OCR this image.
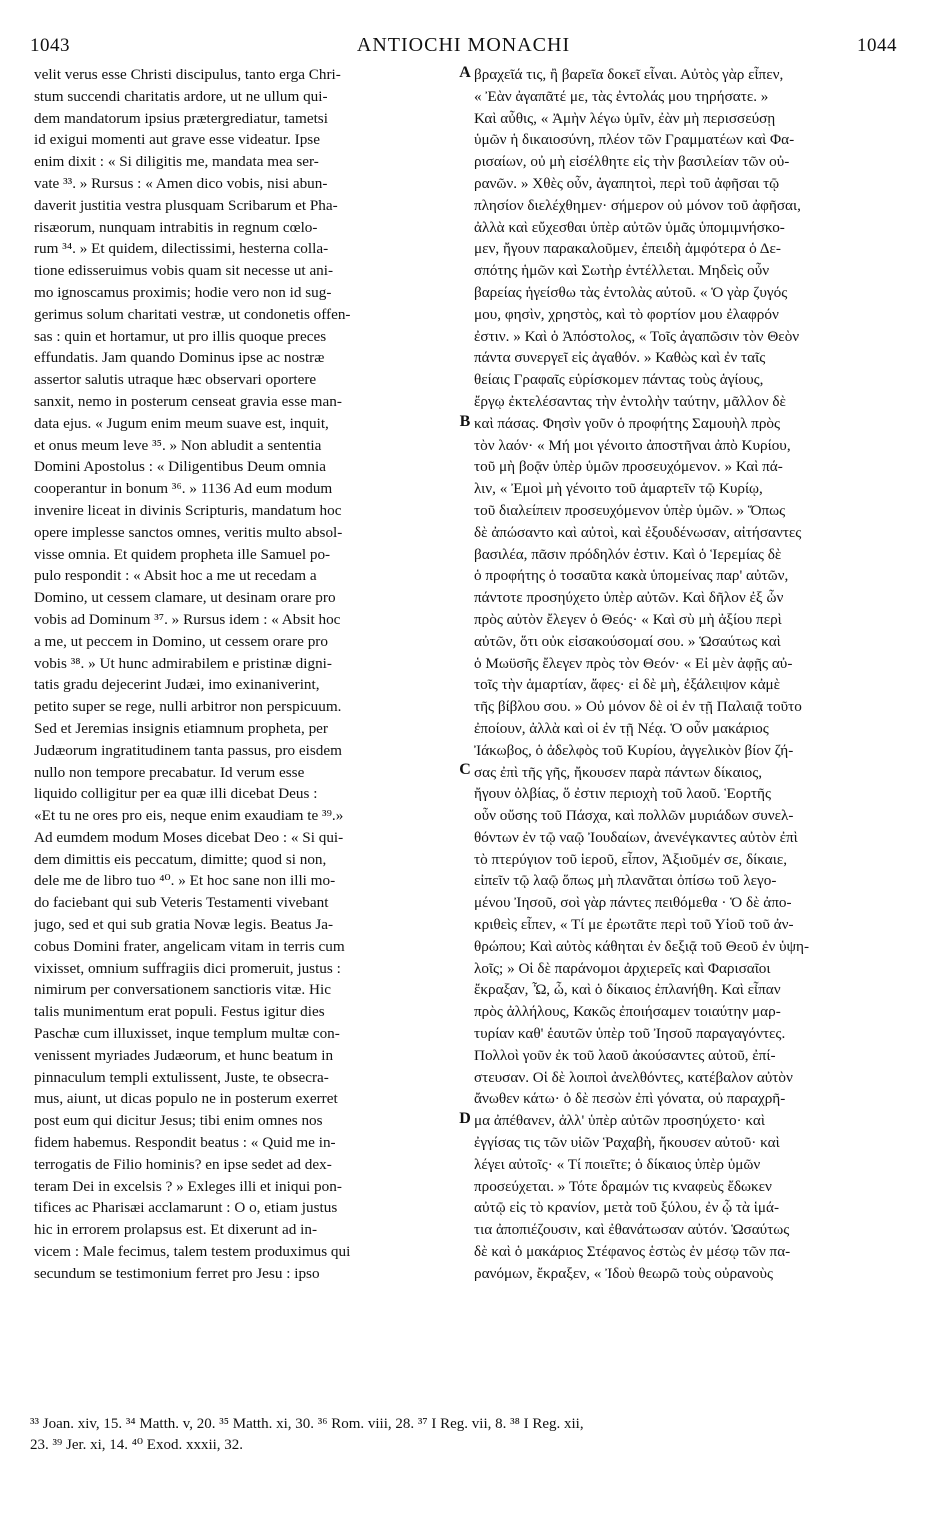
1043	ANTIOCHI MONACHI	1044
velit verus esse Christi discipulus, tanto erga Chri-
stum succendi charitatis ardore, ut ne ullum qui-
dem mandatorum ipsius prætergrediatur, tametsi
id exigui momenti aut grave esse videatur. Ipse
enim dixit : « Si diligitis me, mandata mea ser-
vate ³³. » Rursus : « Amen dico vobis, nisi abun-
daverit justitia vestra plusquam Scribarum et Pha-
risæorum, nunquam intrabitis in regnum cœlo-
rum ³⁴. » Et quidem, dilectissimi, hesterna colla-
tione edisseruimus vobis quam sit necesse ut ani-
mo ignoscamus proximis; hodie vero non id sug-
gerimus solum charitati vestræ, ut condonetis offen-
sas : quin et hortamur, ut pro illis quoque preces
effundatis. Jam quando Dominus ipse ac nostræ
assertor salutis utraque hæc observari oportere
sanxit, nemo in posterum censeat gravia esse man-
data ejus. « Jugum enim meum suave est, inquit,
et onus meum leve ³⁵. » Non abludit a sententia
Domini Apostolus : « Diligentibus Deum omnia
cooperantur in bonum ³⁶. » 1136 Ad eum modum
invenire liceat in divinis Scripturis, mandatum hoc
opere implesse sanctos omnes, veritis multo absol-
visse omnia. Et quidem propheta ille Samuel po-
pulo respondit : « Absit hoc a me ut recedam a
Domino, ut cessem clamare, ut desinam orare pro
vobis ad Dominum ³⁷. » Rursus idem : « Absit hoc
a me, ut peccem in Domino, ut cessem orare pro
vobis ³⁸. » Ut hunc admirabilem e pristinæ digni-
tatis gradu dejecerint Judæi, imo exinaniverint,
petito super se rege, nulli arbitror non perspicuum.
Sed et Jeremias insignis etiamnum propheta, per
Judæorum ingratitudinem tanta passus, pro eisdem
nullo non tempore precabatur. Id verum esse
liquido colligitur per ea quæ illi dicebat Deus :
«Et tu ne ores pro eis, neque enim exaudiam te ³⁹.»
Ad eumdem modum Moses dicebat Deo : « Si qui-
dem dimittis eis peccatum, dimitte; quod si non,
dele me de libro tuo ⁴⁰. » Et hoc sane non illi mo-
do faciebant qui sub Veteris Testamenti vivebant
jugo, sed et qui sub gratia Novæ legis. Beatus Ja-
cobus Domini frater, angelicam vitam in terris cum
vixisset, omnium suffragiis dici promeruit, justus :
nimirum per conversationem sanctioris vitæ. Hic
talis munimentum erat populi. Festus igitur dies
Paschæ cum illuxisset, inque templum multæ con-
venissent myriades Judæorum, et hunc beatum in
pinnaculum templi extulissent, Juste, te obsecra-
mus, aiunt, ut dicas populo ne in posterum exerret
post eum qui dicitur Jesus; tibi enim omnes nos
fidem habemus. Respondit beatus : « Quid me in-
terrogatis de Filio hominis? en ipse sedet ad dex-
teram Dei in excelsis ? » Exleges illi et iniqui pon-
tifices ac Pharisæi acclamarunt : O o, etiam justus
hic in errorem prolapsus est. Et dixerunt ad in-
vicem : Male fecimus, talem testem produximus qui
secundum se testimonium ferret pro Jesu : ipso
βραχεῖά τις, ἢ βαρεῖα δοκεῖ εἶναι. Αὐτὸς γὰρ εἶπεν,
« Ἐὰν ἀγαπᾶτέ με, τὰς ἐντολάς μου τηρήσατε. »
Καὶ αὖθις, « Ἀμὴν λέγω ὑμῖν, ἐὰν μὴ περισσεύσῃ
ὑμῶν ἡ δικαιοσύνη, πλέον τῶν Γραμματέων καὶ Φα-
ρισαίων, οὐ μὴ εἰσέλθητε εἰς τὴν βασιλείαν τῶν οὐ-
ρανῶν. » Χθὲς οὖν, ἀγαπητοὶ, περὶ τοῦ ἀφῆσαι τῷ
πλησίον διελέχθημεν· σήμερον οὐ μόνον τοῦ ἀφῆσαι,
ἀλλὰ καὶ εὔχεσθαι ὑπὲρ αὐτῶν ὑμᾶς ὑπομιμνήσκο-
μεν, ἤγουν παρακαλοῦμεν, ἐπειδὴ ἀμφότερα ὁ Δε-
σπότης ἡμῶν καὶ Σωτὴρ ἐντέλλεται. Μηδεὶς οὖν
βαρείας ἡγείσθω τὰς ἐντολὰς αὐτοῦ. « Ὁ γὰρ ζυγός
μου, φησὶν, χρηστὸς, καὶ τὸ φορτίον μου ἐλαφρόν
ἐστιν. » Καὶ ὁ Ἀπόστολος, « Τοῖς ἀγαπῶσιν τὸν Θεὸν
πάντα συνεργεῖ εἰς ἀγαθόν. » Καθὼς καὶ ἐν ταῖς
θείαις Γραφαῖς εὑρίσκομεν πάντας τοὺς ἁγίους,
ἔργῳ ἐκτελέσαντας τὴν ἐντολὴν ταύτην, μᾶλλον δὲ
καὶ πάσας. Φησὶν γοῦν ὁ προφήτης Σαμουὴλ πρὸς
τὸν λαόν· « Μή μοι γένοιτο ἀποστῆναι ἀπὸ Κυρίου,
τοῦ μὴ βοᾷν ὑπὲρ ὑμῶν προσευχόμενον. » Καὶ πά-
λιν, « Ἐμοὶ μὴ γένοιτο τοῦ ἁμαρτεῖν τῷ Κυρίῳ,
τοῦ διαλείπειν προσευχόμενον ὑπὲρ ὑμῶν. » Ὅπως
δὲ ἀπώσαντο καὶ αὐτοὶ, καὶ ἐξουδένωσαν, αἰτήσαντες
βασιλέα, πᾶσιν πρόδηλόν ἐστιν. Καὶ ὁ Ἱερεμίας δὲ
ὁ προφήτης ὁ τοσαῦτα κακὰ ὑπομείνας παρ' αὐτῶν,
πάντοτε προσηύχετο ὑπὲρ αὐτῶν. Καὶ δῆλον ἐξ ὧν
πρὸς αὐτὸν ἔλεγεν ὁ Θεός· « Καὶ σὺ μὴ ἀξίου περὶ
αὐτῶν, ὅτι οὐκ εἰσακούσομαί σου. » Ὡσαύτως καὶ
ὁ Μωϋσῆς ἔλεγεν πρὸς τὸν Θεόν· « Εἰ μὲν ἀφῇς αὐ-
τοῖς τὴν ἁμαρτίαν, ἄφες· εἰ δὲ μὴ, ἐξάλειψον κἀμὲ
τῆς βίβλου σου. » Οὐ μόνον δὲ οἱ ἐν τῇ Παλαιᾷ τοῦτο
ἐποίουν, ἀλλὰ καὶ οἱ ἐν τῇ Νέᾳ. Ὁ οὖν μακάριος
Ἰάκωβος, ὁ ἀδελφὸς τοῦ Κυρίου, ἀγγελικὸν βίον ζή-
σας ἐπὶ τῆς γῆς, ἤκουσεν παρὰ πάντων δίκαιος,
ἤγουν ὀλβίας, ὅ ἐστιν περιοχὴ τοῦ λαοῦ. Ἑορτῆς
οὖν οὔσης τοῦ Πάσχα, καὶ πολλῶν μυριάδων συνελ-
θόντων ἐν τῷ ναῷ Ἰουδαίων, ἀνενέγκαντες αὐτὸν ἐπὶ
τὸ πτερύγιον τοῦ ἱεροῦ, εἶπον, Ἀξιοῦμέν σε, δίκαιε,
εἰπεῖν τῷ λαῷ ὅπως μὴ πλανᾶται ὀπίσω τοῦ λεγο-
μένου Ἰησοῦ, σοὶ γὰρ πάντες πειθόμεθα · Ὁ δὲ ἀπο-
κριθεὶς εἶπεν, « Τί με ἐρωτᾶτε περὶ τοῦ Υἱοῦ τοῦ ἀν-
θρώπου; Καὶ αὐτὸς κάθηται ἐν δεξιᾷ τοῦ Θεοῦ ἐν ὑψη-
λοῖς; » Οἱ δὲ παράνομοι ἀρχιερεῖς καὶ Φαρισαῖοι
ἔκραξαν, Ὦ, ὦ, καὶ ὁ δίκαιος ἐπλανήθη. Καὶ εἶπαν
πρὸς ἀλλήλους, Κακῶς ἐποιήσαμεν τοιαύτην μαρ-
τυρίαν καθ' ἑαυτῶν ὑπὲρ τοῦ Ἰησοῦ παραγαγόντες.
Πολλοὶ γοῦν ἐκ τοῦ λαοῦ ἀκούσαντες αὐτοῦ, ἐπί-
στευσαν. Οἱ δὲ λοιποὶ ἀνελθόντες, κατέβαλον αὐτὸν
ἄνωθεν κάτω· ὁ δὲ πεσὼν ἐπὶ γόνατα, οὐ παραχρῆ-
μα ἀπέθανεν, ἀλλ' ὑπὲρ αὐτῶν προσηύχετο· καὶ
ἐγγίσας τις τῶν υἱῶν Ῥαχαβὴ, ἤκουσεν αὐτοῦ· καὶ
λέγει αὐτοῖς· « Τί ποιεῖτε; ὁ δίκαιος ὑπὲρ ὑμῶν
προσεύχεται. » Τότε δραμών τις κναφεὺς ἔδωκεν
αὐτῷ εἰς τὸ κρανίον, μετὰ τοῦ ξύλου, ἐν ᾧ τὰ ἱμά-
τια ἀποπιέζουσιν, καὶ ἐθανάτωσαν αὐτόν. Ὡσαύτως
δὲ καὶ ὁ μακάριος Στέφανος ἑστὼς ἐν μέσῳ τῶν πα-
ρανόμων, ἔκραξεν, « Ἰδοὺ θεωρῶ τοὺς οὐρανοὺς
A
B
C
D
³³ Joan. xiv, 15. ³⁴ Matth. v, 20. ³⁵ Matth. xi, 30. ³⁶ Rom. viii, 28. ³⁷ I Reg. vii, 8. ³⁸ I Reg. xii,
23. ³⁹ Jer. xi, 14. ⁴⁰ Exod. xxxii, 32.
